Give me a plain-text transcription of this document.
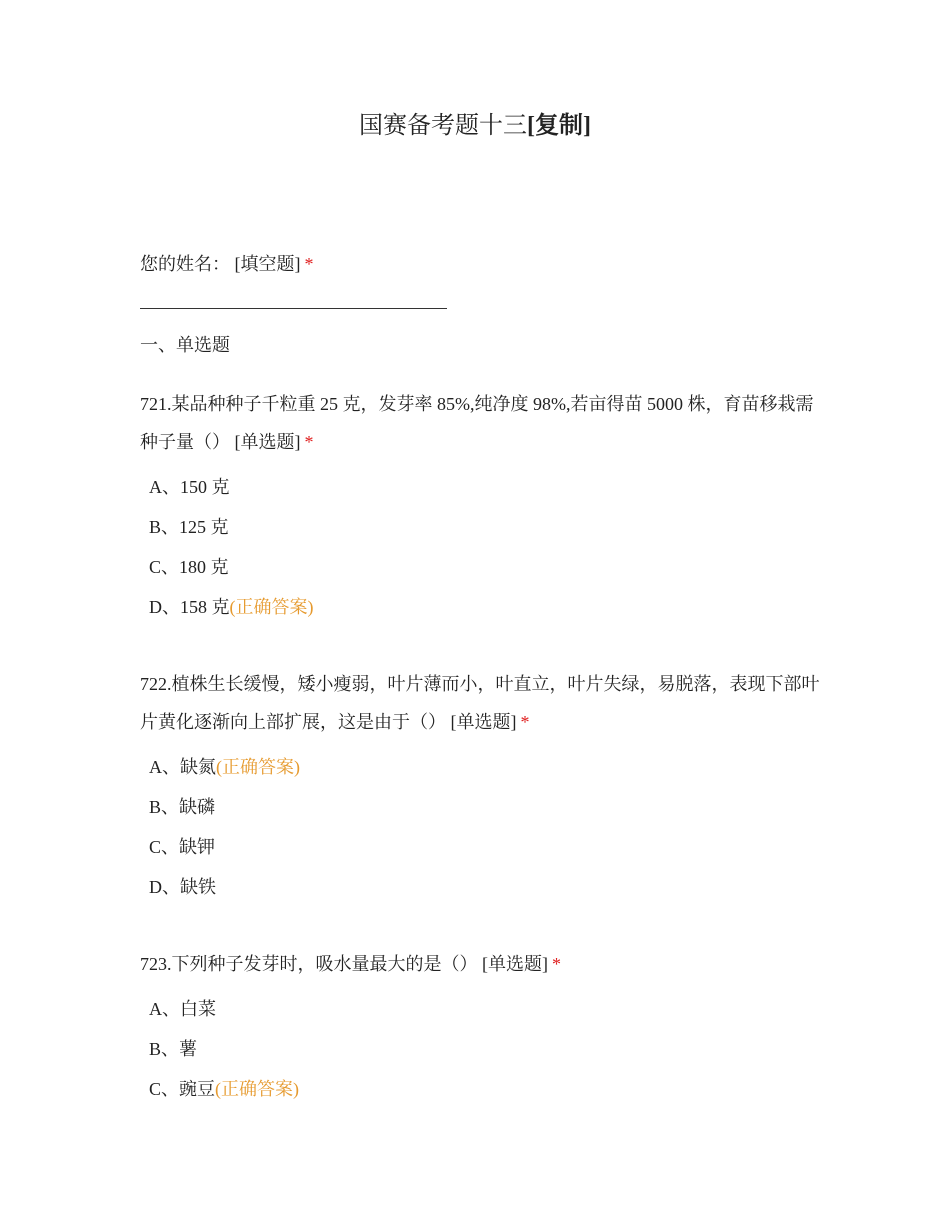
国赛备考题十三[复制]
您的姓名： [填空题] *
一、单选题
721.某品种种子千粒重 25 克，发芽率 85%,纯净度 98%,若亩得苗 5000 株，育苗移栽需种子量（） [单选题] *
A、150 克
B、125 克
C、180 克
D、158 克(正确答案)
722.植株生长缓慢，矮小瘦弱，叶片薄而小，叶直立，叶片失绿，易脱落，表现下部叶片黄化逐渐向上部扩展，这是由于（） [单选题] *
A、缺氮(正确答案)
B、缺磷
C、缺钾
D、缺铁
723.下列种子发芽时，吸水量最大的是（） [单选题] *
A、白菜
B、薯
C、豌豆(正确答案)
